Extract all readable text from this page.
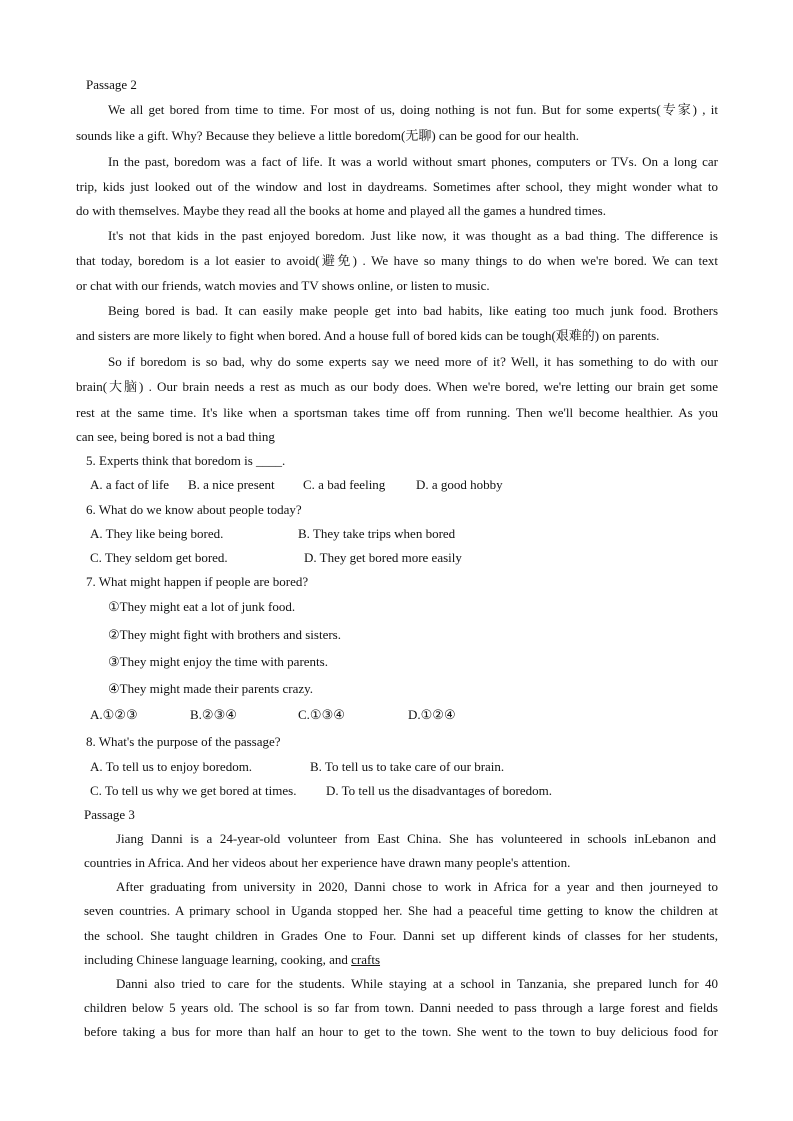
Passage 2
We all get bored from time to time. For most of us, doing nothing is not fun. But for some experts(专家) , it
sounds like a gift. Why? Because they believe a little boredom(无聊) can be good for our health.
In the past, boredom was a fact of life. It was a world without smart phones, computers or TVs. On a long car
trip, kids just looked out of the window and lost in daydreams. Sometimes after school, they might wonder what to
do with themselves. Maybe they read all the books at home and played all the games a hundred times.
It's not that kids in the past enjoyed boredom. Just like now, it was thought as a bad thing. The difference is
that today, boredom is a lot easier to avoid(避免) . We have so many things to do when we're bored. We can text
or chat with our friends, watch movies and TV shows online, or listen to music.
Being bored is bad. It can easily make people get into bad habits, like eating too much junk food. Brothers
and sisters are more likely to fight when bored. And a house full of bored kids can be tough(艰难的) on parents.
So if boredom is so bad, why do some experts say we need more of it? Well, it has something to do with our
brain(大脑) . Our brain needs a rest as much as our body does. When we're bored, we're letting our brain get some
rest at the same time. It's like when a sportsman takes time off from running. Then we'll become healthier. As you
can see, being bored is not a bad thing
5. Experts think that boredom is ____.
A. a fact of life B. a nice present C. a bad feeling D. a good hobby
6. What do we know about people today?
A. They like being bored.	B. They take trips when bored
C. They seldom get bored.	D. They get bored more easily
7. What might happen if people are bored?
①They might eat a lot of junk food.
②They might fight with brothers and sisters.
③They might enjoy the time with parents.
④They might made their parents crazy.
A.①②③	B.②③④	C.①③④	D.①②④
8. What's the purpose of the passage?
A. To tell us to enjoy boredom.	B. To tell us to take care of our brain.
C. To tell us why we get bored at times. D. To tell us the disadvantages of boredom.
Passage 3
Jiang Danni is a 24-year-old volunteer from East China. She has volunteered in schools inLebanon and
countries in Africa. And her videos about her experience have drawn many people's attention.
After graduating from university in 2020, Danni chose to work in Africa for a year and then journeyed to
seven countries. A primary school in Uganda stopped her. She had a peaceful time getting to know the children at
the school. She taught children in Grades One to Four. Danni set up different kinds of classes for her students,
including Chinese language learning, cooking, and crafts
Danni also tried to care for the students. While staying at a school in Tanzania, she prepared lunch for 40
children below 5 years old. The school is so far from town. Danni needed to pass through a large forest and fields
before taking a bus for more than half an hour to get to the town. She went to the town to buy delicious food for
